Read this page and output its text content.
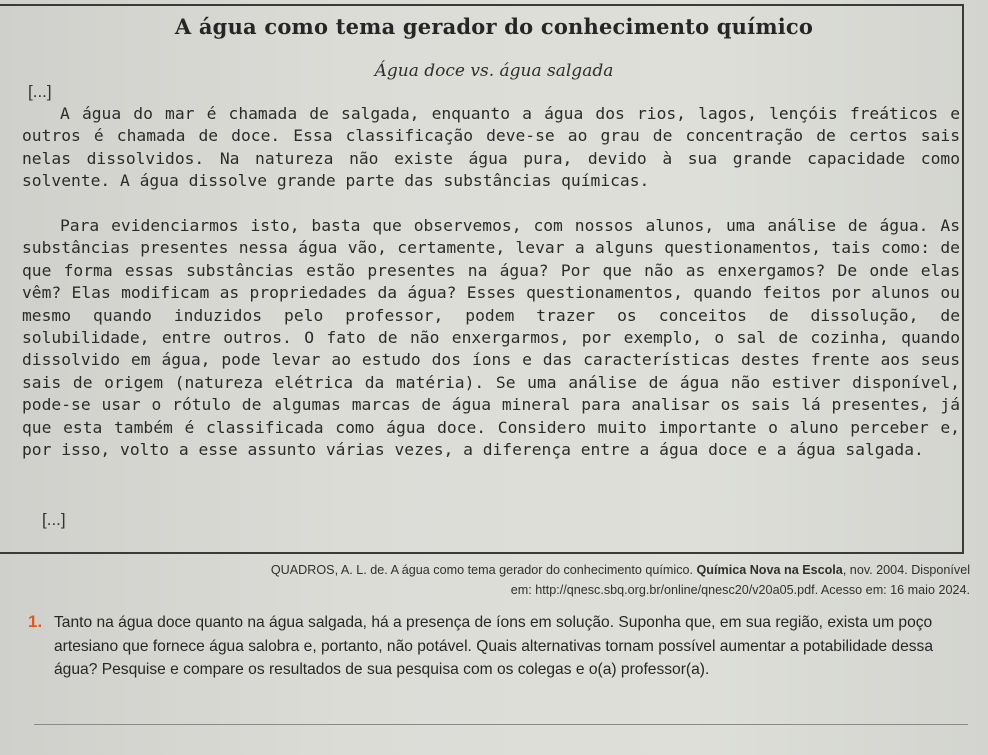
A água como tema gerador do conhecimento químico
Água doce vs. água salgada
[...]
A água do mar é chamada de salgada, enquanto a água dos rios, lagos, lençóis freáticos e outros é chamada de doce. Essa classificação deve-se ao grau de concentração de certos sais nelas dissolvidos. Na natureza não existe água pura, devido à sua grande capacidade como solvente. A água dissolve grande parte das substâncias químicas.
Para evidenciarmos isto, basta que observemos, com nossos alunos, uma análise de água. As substâncias presentes nessa água vão, certamente, levar a alguns questionamentos, tais como: de que forma essas substâncias estão presentes na água? Por que não as enxergamos? De onde elas vêm? Elas modificam as propriedades da água? Esses questionamentos, quando feitos por alunos ou mesmo quando induzidos pelo professor, podem trazer os conceitos de dissolução, de solubilidade, entre outros. O fato de não enxergarmos, por exemplo, o sal de cozinha, quando dissolvido em água, pode levar ao estudo dos íons e das características destes frente aos seus sais de origem (natureza elétrica da matéria). Se uma análise de água não estiver disponível, pode-se usar o rótulo de algumas marcas de água mineral para analisar os sais lá presentes, já que esta também é classificada como água doce. Considero muito importante o aluno perceber e, por isso, volto a esse assunto várias vezes, a diferença entre a água doce e a água salgada.
[...]
QUADROS, A. L. de. A água como tema gerador do conhecimento químico. Química Nova na Escola, nov. 2004. Disponível em: http://qnesc.sbq.org.br/online/qnesc20/v20a05.pdf. Acesso em: 16 maio 2024.
1. Tanto na água doce quanto na água salgada, há a presença de íons em solução. Suponha que, em sua região, exista um poço artesiano que fornece água salobra e, portanto, não potável. Quais alternativas tornam possível aumentar a potabilidade dessa água? Pesquise e compare os resultados de sua pesquisa com os colegas e o(a) professor(a).
